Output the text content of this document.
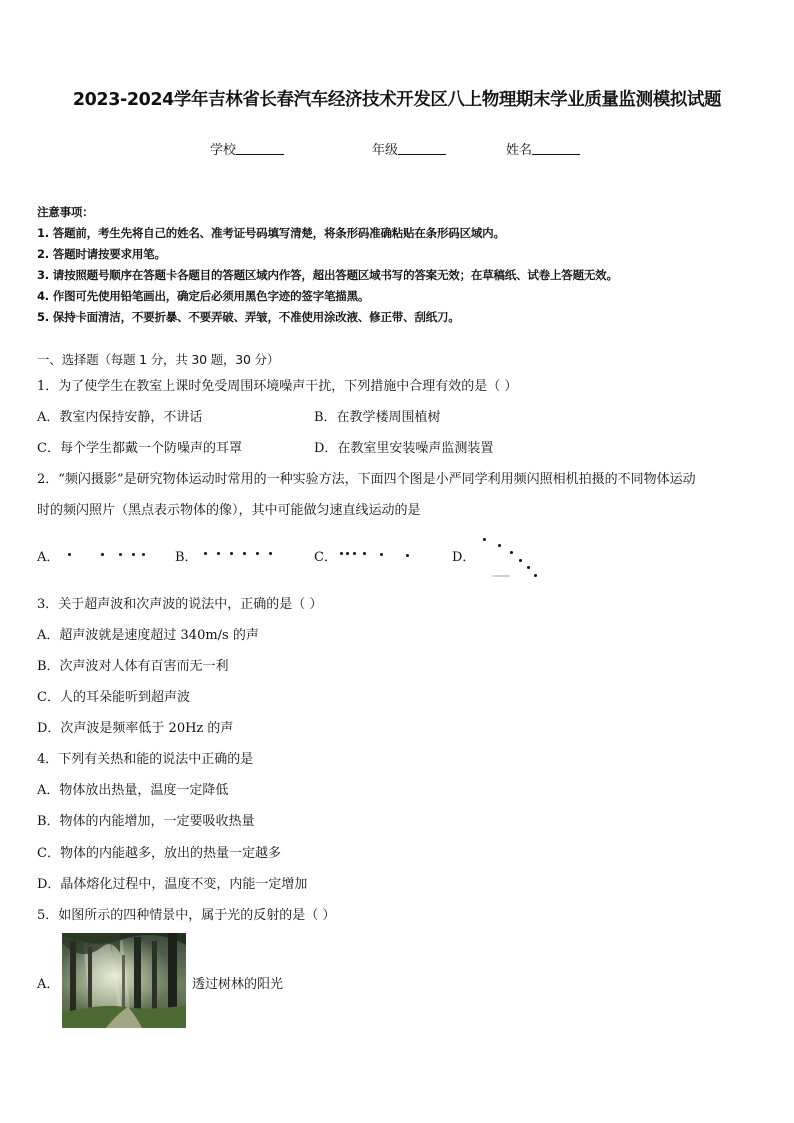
2023-2024学年吉林省长春汽车经济技术开发区八上物理期末学业质量监测模拟试题
学校	年级	姓名
注意事项：
1. 答题前，考生先将自己的姓名、准考证号码填写清楚，将条形码准确粘贴在条形码区域内。
2. 答题时请按要求用笔。
3. 请按照题号顺序在答题卡各题目的答题区域内作答，超出答题区域书写的答案无效；在草稿纸、试卷上答题无效。
4. 作图可先使用铅笔画出，确定后必须用黑色字迹的签字笔描黑。
5. 保持卡面清洁，不要折暴、不要弄破、弄皱，不准使用涂改液、修正带、刮纸刀。
一、选择题（每题 1 分，共 30 题，30 分）
1．为了使学生在教室上课时免受周围环境噪声干扰，下列措施中合理有效的是（ ）
A．教室内保持安静，不讲话	B．在教学楼周围植树
C．每个学生都戴一个防噪声的耳罩	D．在教室里安装噪声监测装置
2．“频闪摄影”是研究物体运动时常用的一种实验方法，下面四个图是小严同学利用频闪照相机拍摄的不同物体运动
时的频闪照片（黑点表示物体的像），其中可能做匀速直线运动的是
A．	B．	C．	D．
3．关于超声波和次声波的说法中，正确的是（ ）
A．超声波就是速度超过 340m/s 的声
B．次声波对人体有百害而无一利
C．人的耳朵能听到超声波
D．次声波是频率低于 20Hz 的声
4．下列有关热和能的说法中正确的是
A．物体放出热量，温度一定降低
B．物体的内能增加，一定要吸收热量
C．物体的内能越多，放出的热量一定越多
D．晶体熔化过程中，温度不变，内能一定增加
5．如图所示的四种情景中，属于光的反射的是（ ）
A．	透过树林的阳光
